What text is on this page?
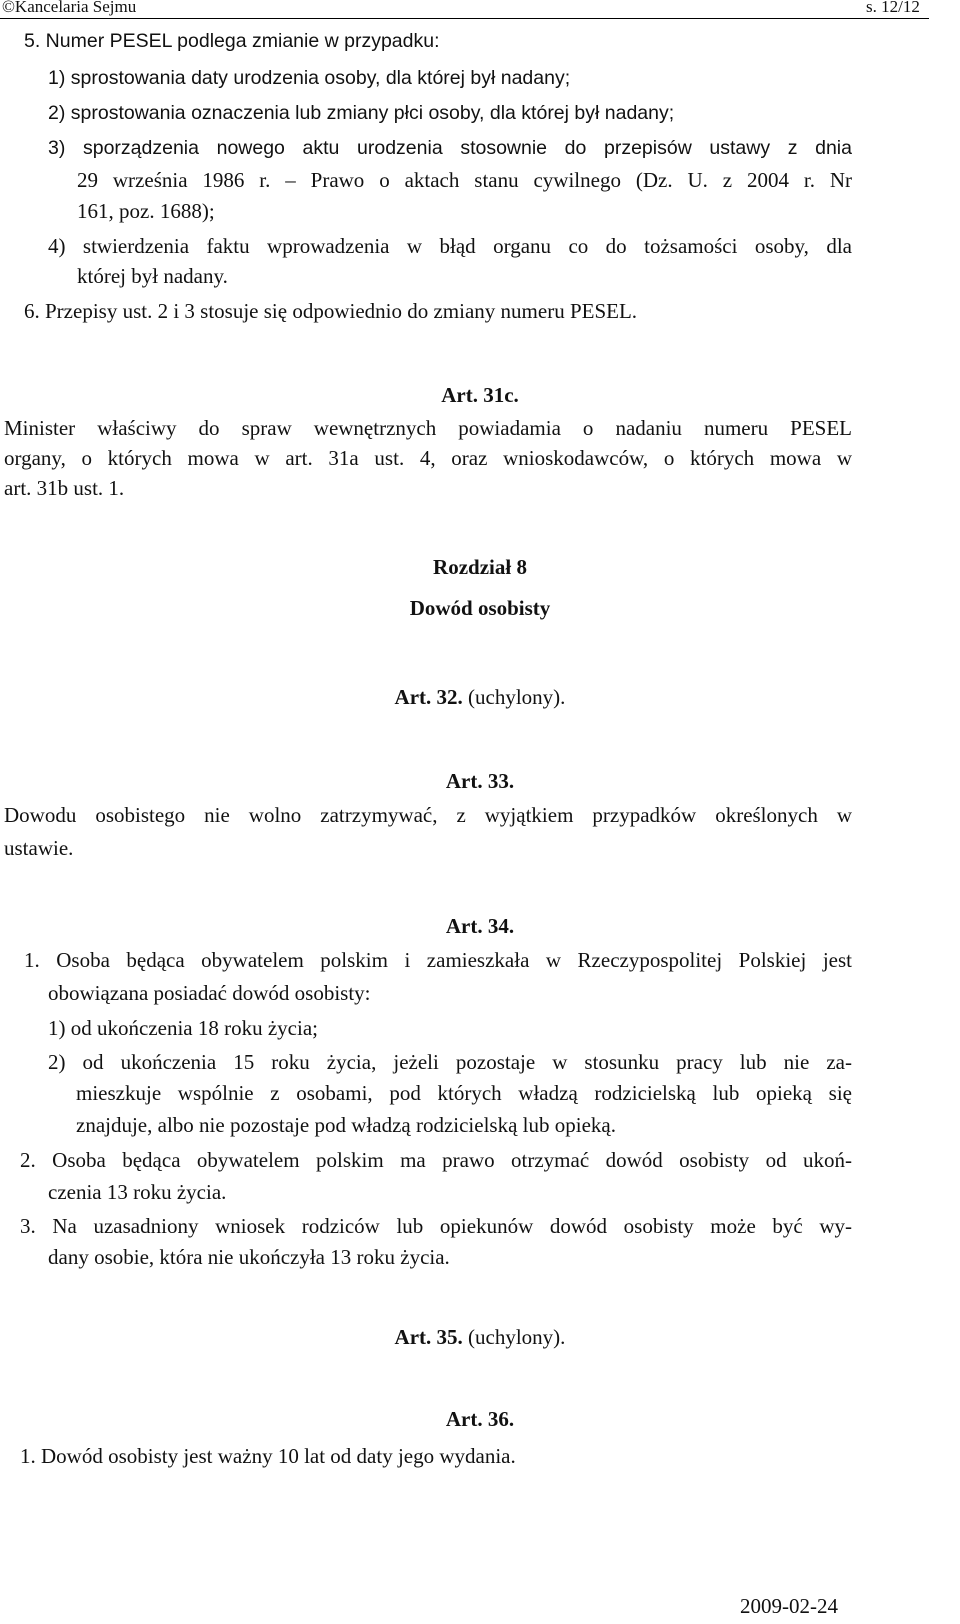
©Kancelaria Sejmu	s. 12/12
5. Numer PESEL podlega zmianie w przypadku:
1) sprostowania daty urodzenia osoby, dla której był nadany;
2) sprostowania oznaczenia lub zmiany płci osoby, dla której był nadany;
3) sporządzenia nowego aktu urodzenia stosownie do przepisów ustawy z dnia
29 września 1986 r. – Prawo o aktach stanu cywilnego (Dz. U. z 2004 r. Nr
161, poz. 1688);
4) stwierdzenia faktu wprowadzenia w błąd organu co do tożsamości osoby, dla
której był nadany.
6. Przepisy ust. 2 i 3 stosuje się odpowiednio do zmiany numeru PESEL.
Art. 31c.
Minister właściwy do spraw wewnętrznych powiadamia o nadaniu numeru PESEL
organy, o których mowa w art. 31a ust. 4, oraz wnioskodawców, o których mowa w
art. 31b ust. 1.
Rozdział 8
Dowód osobisty
Art. 32. (uchylony).
Art. 33.
Dowodu osobistego nie wolno zatrzymywać, z wyjątkiem przypadków określonych w
ustawie.
Art. 34.
1. Osoba będąca obywatelem polskim i zamieszkała w Rzeczypospolitej Polskiej jest
obowiązana posiadać dowód osobisty:
1) od ukończenia 18 roku życia;
2) od ukończenia 15 roku życia, jeżeli pozostaje w stosunku pracy lub nie za-
mieszkuje wspólnie z osobami, pod których władzą rodzicielską lub opieką się
znajduje, albo nie pozostaje pod władzą rodzicielską lub opieką.
2. Osoba będąca obywatelem polskim ma prawo otrzymać dowód osobisty od ukoń-
czenia 13 roku życia.
3. Na uzasadniony wniosek rodziców lub opiekunów dowód osobisty może być wy-
dany osobie, która nie ukończyła 13 roku życia.
Art. 35. (uchylony).
Art. 36.
1. Dowód osobisty jest ważny 10 lat od daty jego wydania.
2009-02-24
